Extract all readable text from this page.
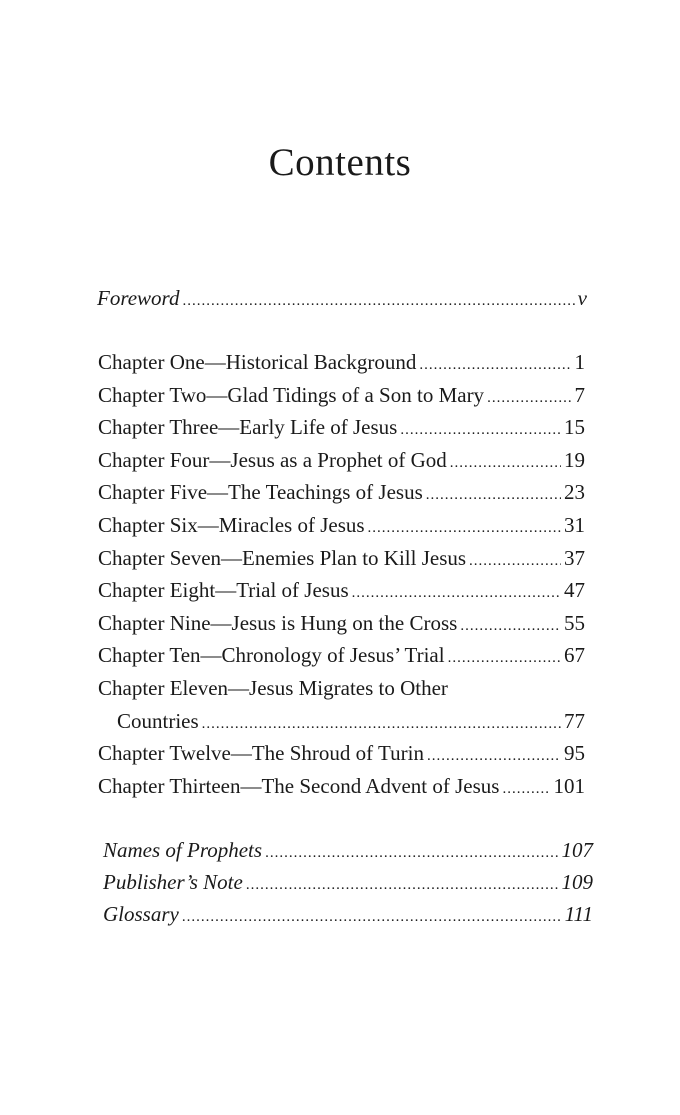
Contents
Foreword .....	v
Chapter One—Historical Background .....	1
Chapter Two—Glad Tidings of a Son to Mary .....	7
Chapter Three—Early Life of Jesus .....	15
Chapter Four—Jesus as a Prophet of God .....	19
Chapter Five—The Teachings of Jesus .....	23
Chapter Six—Miracles of Jesus .....	31
Chapter Seven—Enemies Plan to Kill Jesus .....	37
Chapter Eight—Trial of Jesus .....	47
Chapter Nine—Jesus is Hung on the Cross .....	55
Chapter Ten—Chronology of Jesus’ Trial .....	67
Chapter Eleven—Jesus Migrates to Other
Countries .....	77
Chapter Twelve—The Shroud of Turin .....	95
Chapter Thirteen—The Second Advent of Jesus .....	101
Names of Prophets .....	107
Publisher’s Note .....	109
Glossary .....	111
